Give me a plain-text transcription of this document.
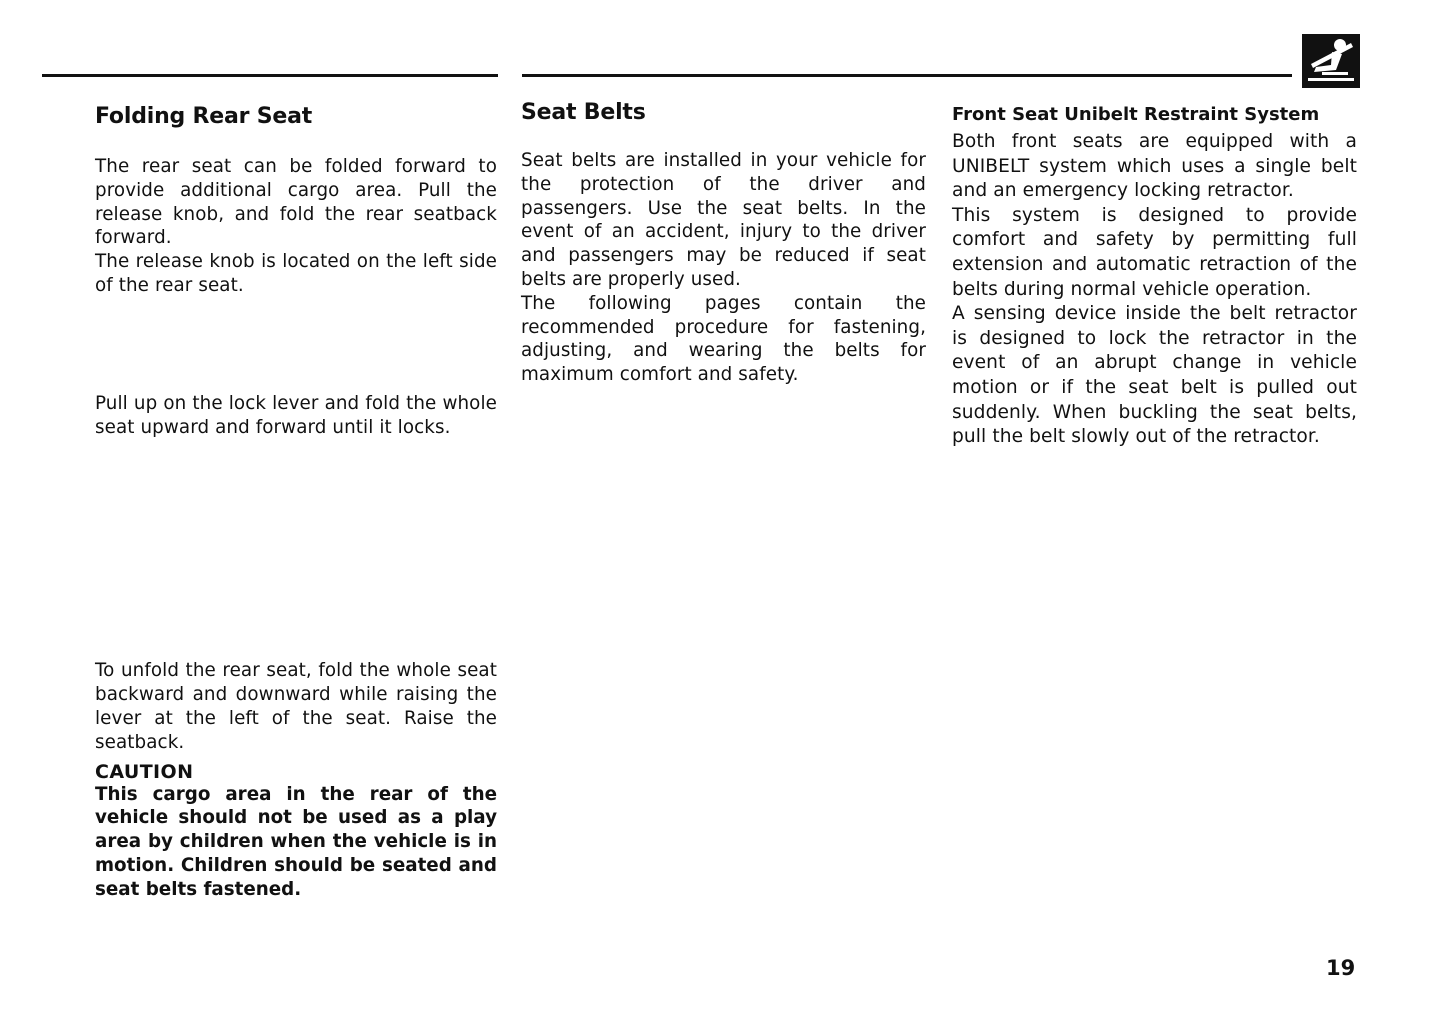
Folding Rear Seat

The rear seat can be folded forward to provide additional cargo area. Pull the release knob, and fold the rear seatback forward.

The release knob is located on the left side of the rear seat.

Pull up on the lock lever and fold the whole seat upward and forward until it locks.

To unfold the rear seat, fold the whole seat backward and downward while raising the lever at the left of the seat. Raise the seatback.

CAUTION

This cargo area in the rear of the vehicle should not be used as a play area by children when the vehicle is in motion. Children should be seated and seat belts fastened.

Seat Belts

Seat belts are installed in your vehicle for the protection of the driver and passengers. Use the seat belts. In the event of an accident, injury to the driver and passengers may be reduced if seat belts are properly used.

The following pages contain the recommended procedure for fastening, adjusting, and wearing the belts for maximum comfort and safety.

Front Seat Unibelt Restraint System

Both front seats are equipped with a UNIBELT system which uses a single belt and an emergency locking retractor.

This system is designed to provide comfort and safety by permitting full extension and automatic retraction of the belts during normal vehicle operation.

A sensing device inside the belt retractor is designed to lock the retractor in the event of an abrupt change in vehicle motion or if the seat belt is pulled out suddenly. When buckling the seat belts, pull the belt slowly out of the retractor.

19
